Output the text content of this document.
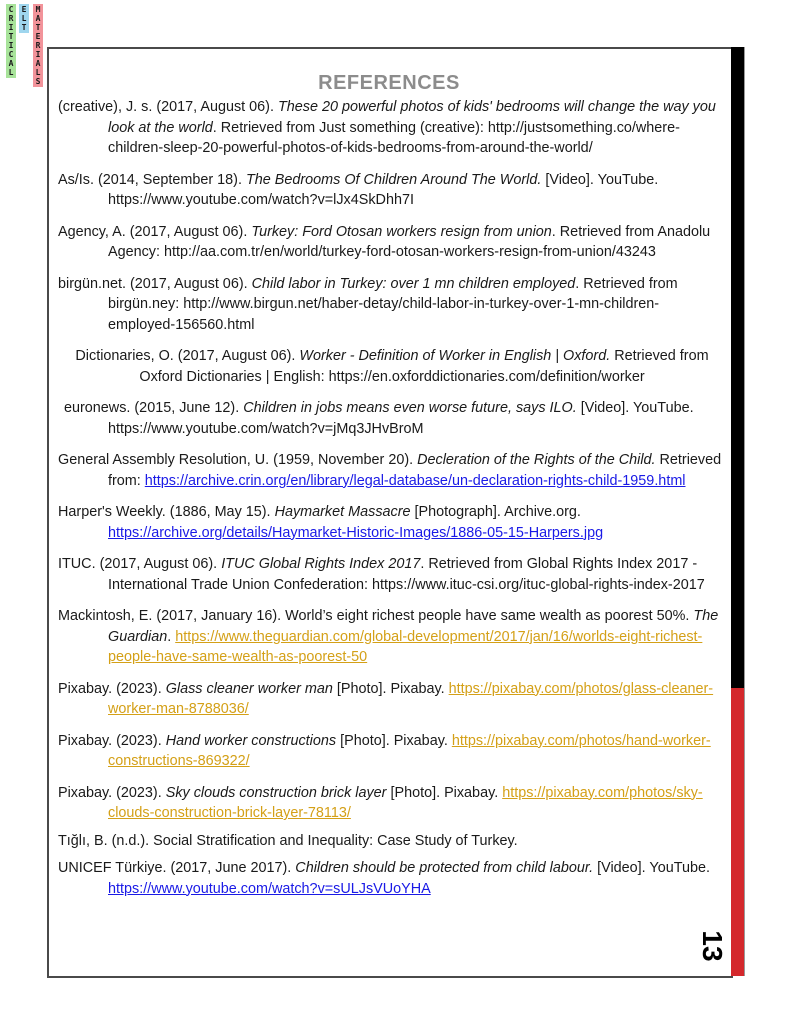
C
R
I
T
I
C
A
L
E
L
T
M
A
T
E
R
I
A
L
S	REFERENCES

(creative), J. s. (2017, August 06). These 20 powerful photos of kids' bedrooms will change the way you look at the world. Retrieved from Just something (creative): http://justsomething.co/where-children-sleep-20-powerful-photos-of-kids-bedrooms-from-around-the-world/

As/Is. (2014, September 18). The Bedrooms Of Children Around The World. [Video]. YouTube. https://www.youtube.com/watch?v=lJx4SkDhh7I

Agency, A. (2017, August 06). Turkey: Ford Otosan workers resign from union. Retrieved from Anadolu Agency: http://aa.com.tr/en/world/turkey-ford-otosan-workers-resign-from-union/43243

birgün.net. (2017, August 06). Child labor in Turkey: over 1 mn children employed. Retrieved from birgün.ney: http://www.birgun.net/haber-detay/child-labor-in-turkey-over-1-mn-children-employed-156560.html

Dictionaries, O. (2017, August 06). Worker - Definition of Worker in English | Oxford. Retrieved from Oxford Dictionaries | English: https://en.oxforddictionaries.com/definition/worker

euronews. (2015, June 12). Children in jobs means even worse future, says ILO. [Video]. YouTube. https://www.youtube.com/watch?v=jMq3JHvBroM

General Assembly Resolution, U. (1959, November 20). Decleration of the Rights of the Child. Retrieved from: https://archive.crin.org/en/library/legal-database/un-declaration-rights-child-1959.html

Harper's Weekly. (1886, May 15). Haymarket Massacre [Photograph]. Archive.org. https://archive.org/details/Haymarket-Historic-Images/1886-05-15-Harpers.jpg

ITUC. (2017, August 06). ITUC Global Rights Index 2017. Retrieved from Global Rights Index 2017 - International Trade Union Confederation: https://www.ituc-csi.org/ituc-global-rights-index-2017

Mackintosh, E. (2017, January 16). World’s eight richest people have same wealth as poorest 50%. The Guardian. https://www.theguardian.com/global-development/2017/jan/16/worlds-eight-richest-people-have-same-wealth-as-poorest-50

Pixabay. (2023). Glass cleaner worker man [Photo]. Pixabay. https://pixabay.com/photos/glass-cleaner-worker-man-8788036/

Pixabay. (2023). Hand worker constructions [Photo]. Pixabay. https://pixabay.com/photos/hand-worker-constructions-869322/

Pixabay. (2023). Sky clouds construction brick layer [Photo]. Pixabay. https://pixabay.com/photos/sky-clouds-construction-brick-layer-78113/

Tığlı, B. (n.d.). Social Stratification and Inequality: Case Study of Turkey.

UNICEF Türkiye. (2017, June 2017). Children should be protected from child labour. [Video]. YouTube. https://www.youtube.com/watch?v=sULJsVUoYHA

13
